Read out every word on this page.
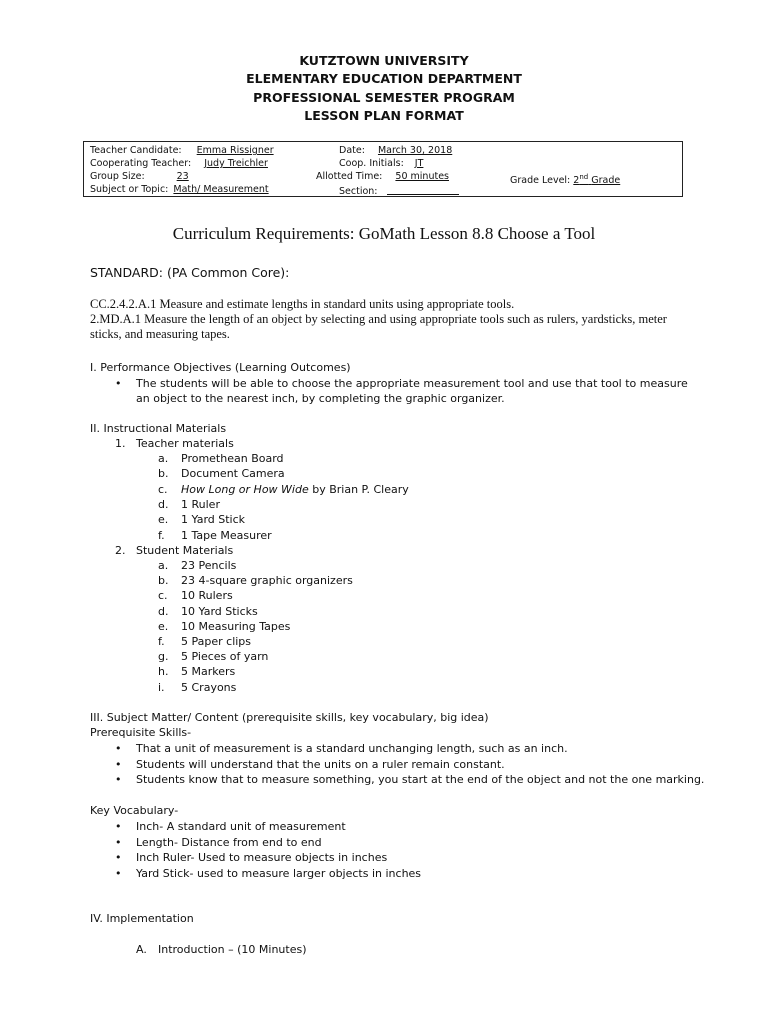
KUTZTOWN UNIVERSITY
ELEMENTARY EDUCATION DEPARTMENT
PROFESSIONAL SEMESTER PROGRAM
LESSON PLAN FORMAT
Teacher Candidate: Emma Rissigner	Date: March 30, 2018
Cooperating Teacher: Judy Treichler	Coop. Initials: JT
Group Size:	23	Allotted Time: 50 minutes	Grade Level: 2nd Grade
Subject or Topic: Math/ Measurement	Section:
Curriculum Requirements: GoMath Lesson 8.8 Choose a Tool
STANDARD: (PA Common Core):
CC.2.4.2.A.1 Measure and estimate lengths in standard units using appropriate tools.
2.MD.A.1 Measure the length of an object by selecting and using appropriate tools such as rulers, yardsticks, meter sticks, and measuring tapes.
I. Performance Objectives (Learning Outcomes)
• The students will be able to choose the appropriate measurement tool and use that tool to measure
an object to the nearest inch, by completing the graphic organizer.
II. Instructional Materials
1. Teacher materials
a. Promethean Board
b. Document Camera
c. How Long or How Wide by Brian P. Cleary
d. 1 Ruler
e. 1 Yard Stick
f. 1 Tape Measurer
2. Student Materials
a. 23 Pencils
b. 23 4-square graphic organizers
c. 10 Rulers
d. 10 Yard Sticks
e. 10 Measuring Tapes
f. 5 Paper clips
g. 5 Pieces of yarn
h. 5 Markers
i. 5 Crayons
III. Subject Matter/ Content (prerequisite skills, key vocabulary, big idea)
Prerequisite Skills-
• That a unit of measurement is a standard unchanging length, such as an inch.
• Students will understand that the units on a ruler remain constant.
• Students know that to measure something, you start at the end of the object and not the one marking.
Key Vocabulary-
• Inch- A standard unit of measurement
• Length- Distance from end to end
• Inch Ruler- Used to measure objects in inches
• Yard Stick- used to measure larger objects in inches
IV. Implementation
A. Introduction – (10 Minutes)
